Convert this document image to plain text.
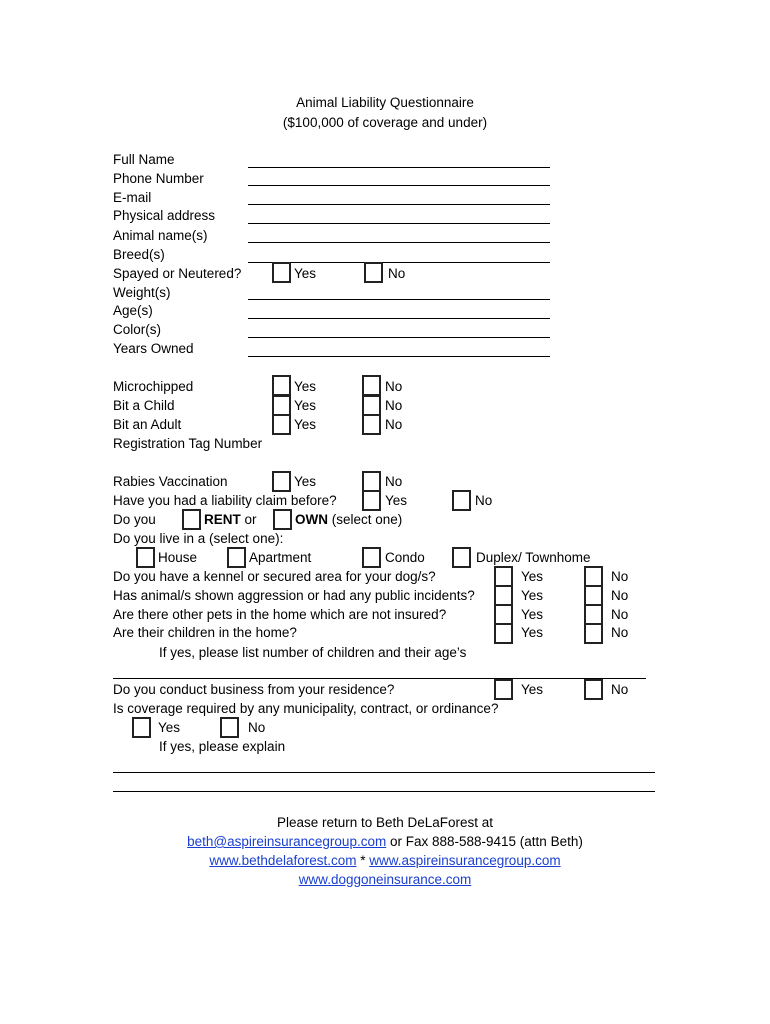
Animal Liability Questionnaire
($100,000 of coverage and under)
Full Name
Phone Number
E-mail
Physical address
Animal name(s)
Breed(s)
Spayed or Neutered?	Yes	No
Weight(s)
Age(s)
Color(s)
Years Owned
Microchipped	Yes	No
Bit a Child	Yes	No
Bit an Adult	Yes	No
Registration Tag Number
Rabies Vaccination	Yes	No
Have you had a liability claim before?	Yes	No
Do you	RENT or	OWN (select one)
Do you live in a (select one):
House	Apartment	Condo	Duplex/ Townhome
Do you have a kennel or secured area for your dog/s?	Yes	No
Has animal/s shown aggression or had any public incidents?	Yes	No
Are there other pets in the home which are not insured?	Yes	No
Are their children in the home?	Yes	No
If yes, please list number of children and their age’s
Do you conduct business from your residence?	Yes	No
Is coverage required by any municipality, contract, or ordinance?
Yes	No
If yes, please explain
Please return to Beth DeLaForest at
beth@aspireinsurancegroup.com or Fax 888-588-9415 (attn Beth)
www.bethdelaforest.com * www.aspireinsurancegroup.com
www.doggoneinsurance.com
